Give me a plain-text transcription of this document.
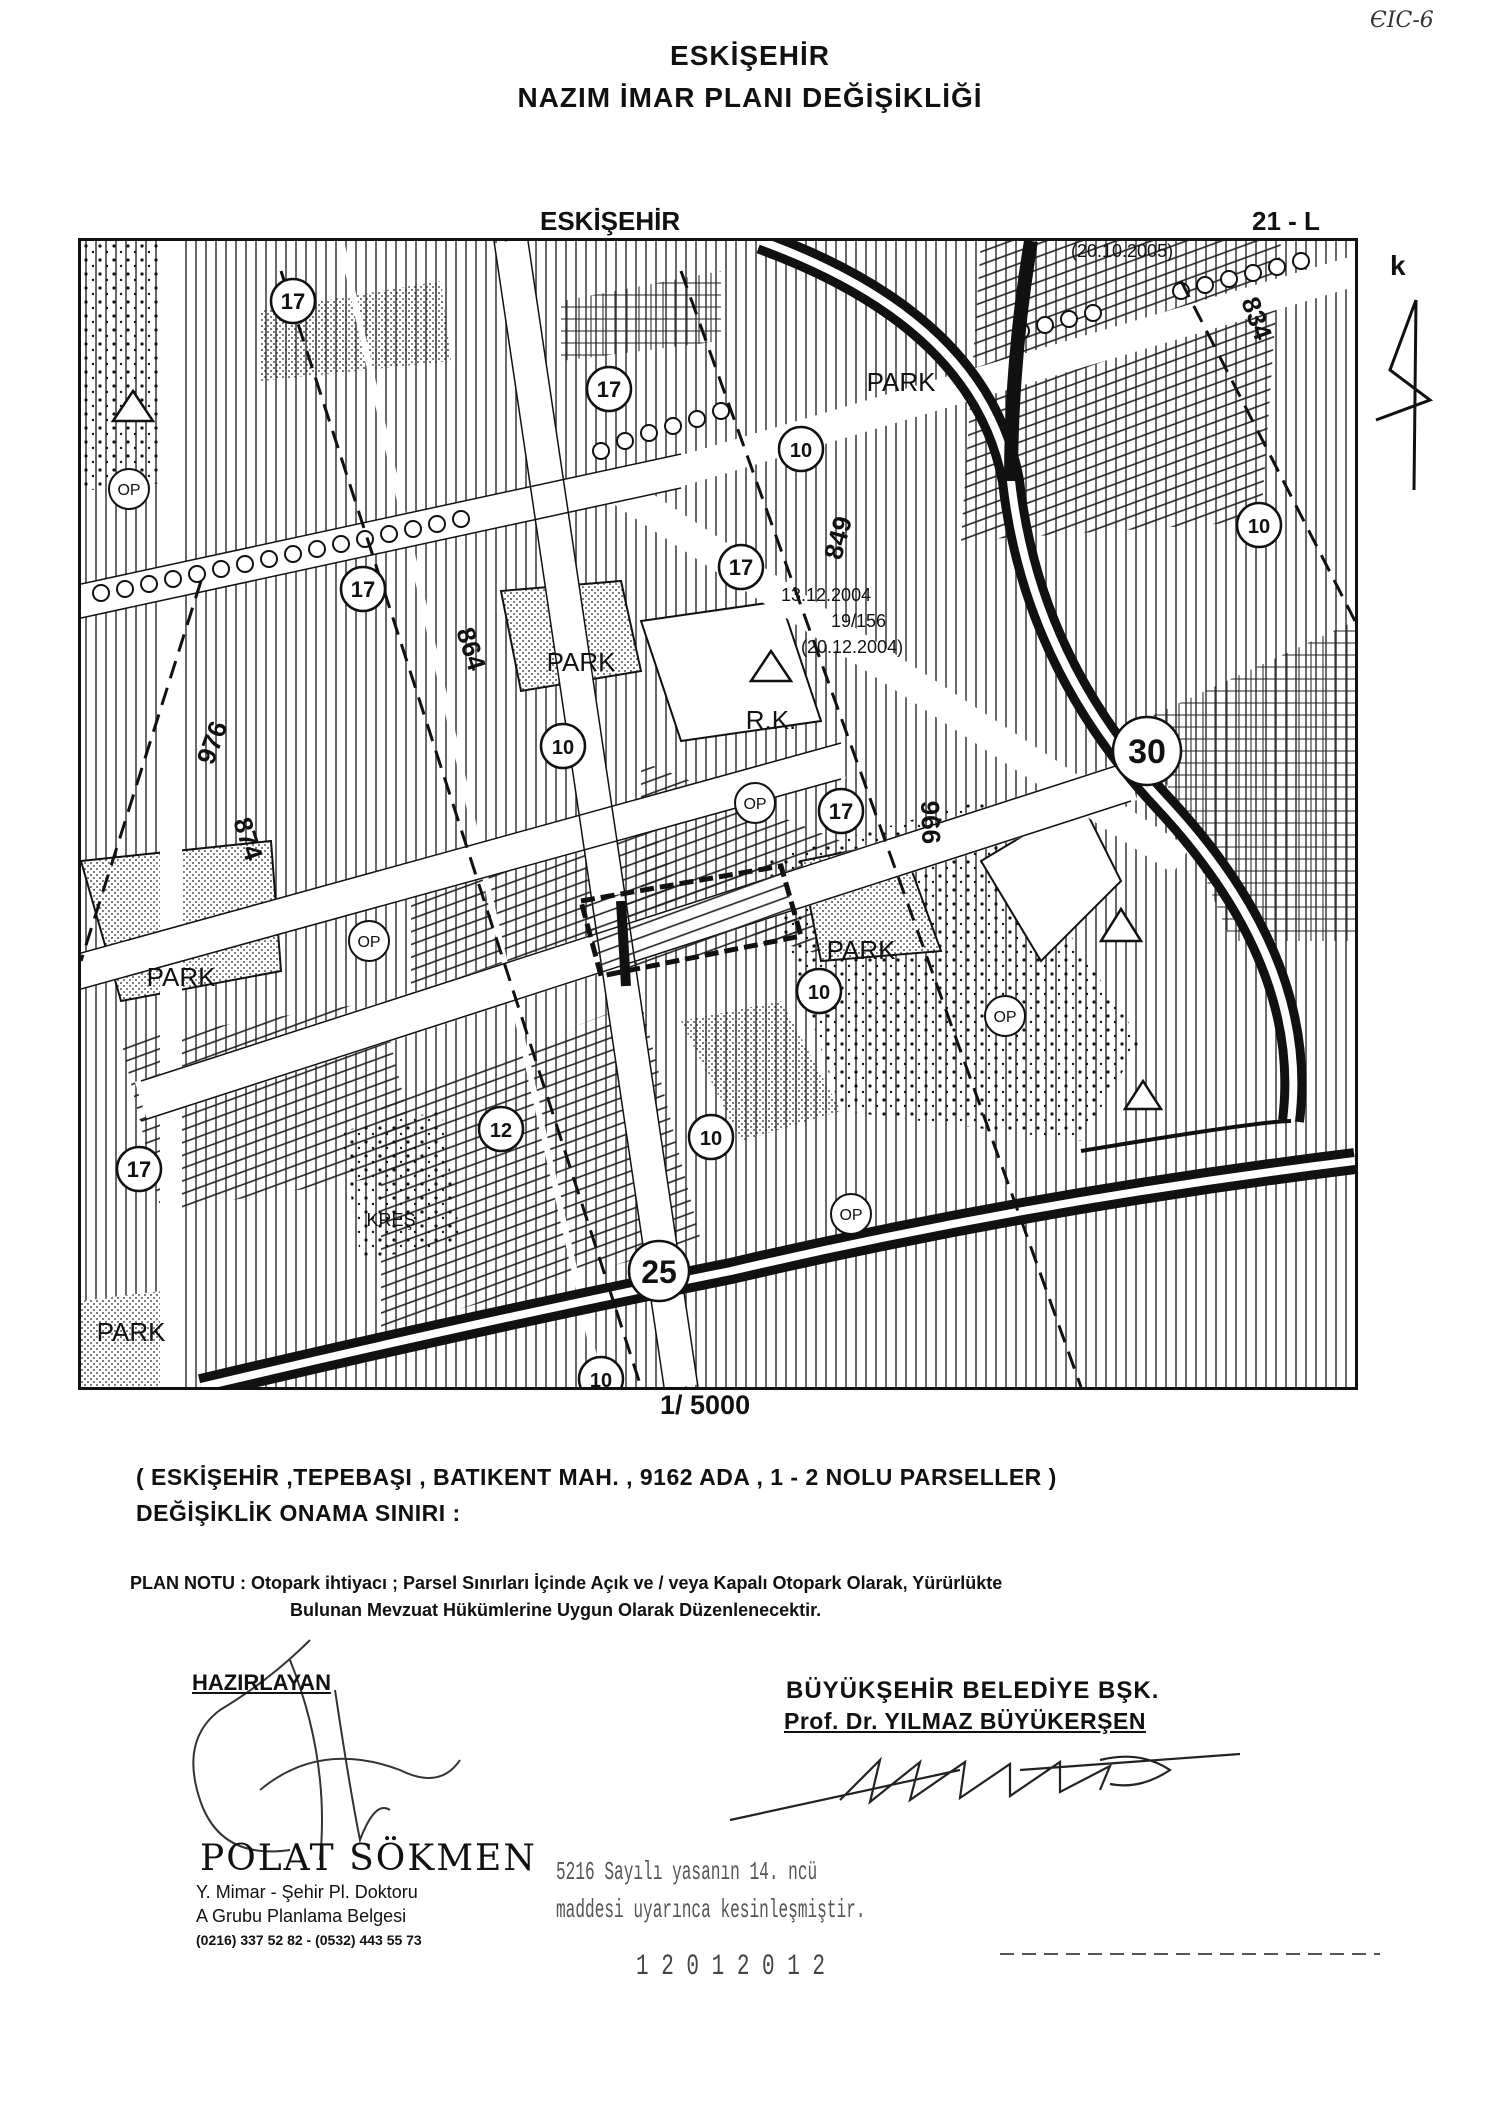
ЄIC-6
ESKİŞEHİR
NAZIM İMAR PLANI DEĞİŞİKLİĞİ
ESKİŞEHİR	21 - L
k
17
17
17
17
17
17
10
10
10
10
10
10
12
30
25
OP
OP
OP
OP
OP
PARK
PARK
PARK
PARK
PARK
R.K.
KREŞ
976
864
874
849
834
966
13.12.2004
19/156
(20.12.2004)
(20.10.2005)
1/ 5000
( ESKİŞEHİR ,TEPEBAŞI , BATIKENT MAH. , 9162 ADA , 1 - 2 NOLU PARSELLER )
DEĞİŞİKLİK ONAMA SINIRI :
PLAN NOTU : Otopark ihtiyacı ; Parsel Sınırları İçinde Açık ve / veya Kapalı Otopark Olarak, Yürürlükte
Bulunan Mevzuat Hükümlerine Uygun Olarak Düzenlenecektir.
HAZIRLAYAN
POLAT SÖKMEN
Y. Mimar - Şehir Pl. Doktoru
A Grubu Planlama Belgesi
(0216) 337 52 82 - (0532) 443 55 73
BÜYÜKŞEHİR BELEDİYE BŞK.
Prof. Dr. YILMAZ BÜYÜKERŞEN
5216 Sayılı yasanın 14. ncü
maddesi uyarınca kesinleşmiştir.
1 2 0 1 2 0 1 2
